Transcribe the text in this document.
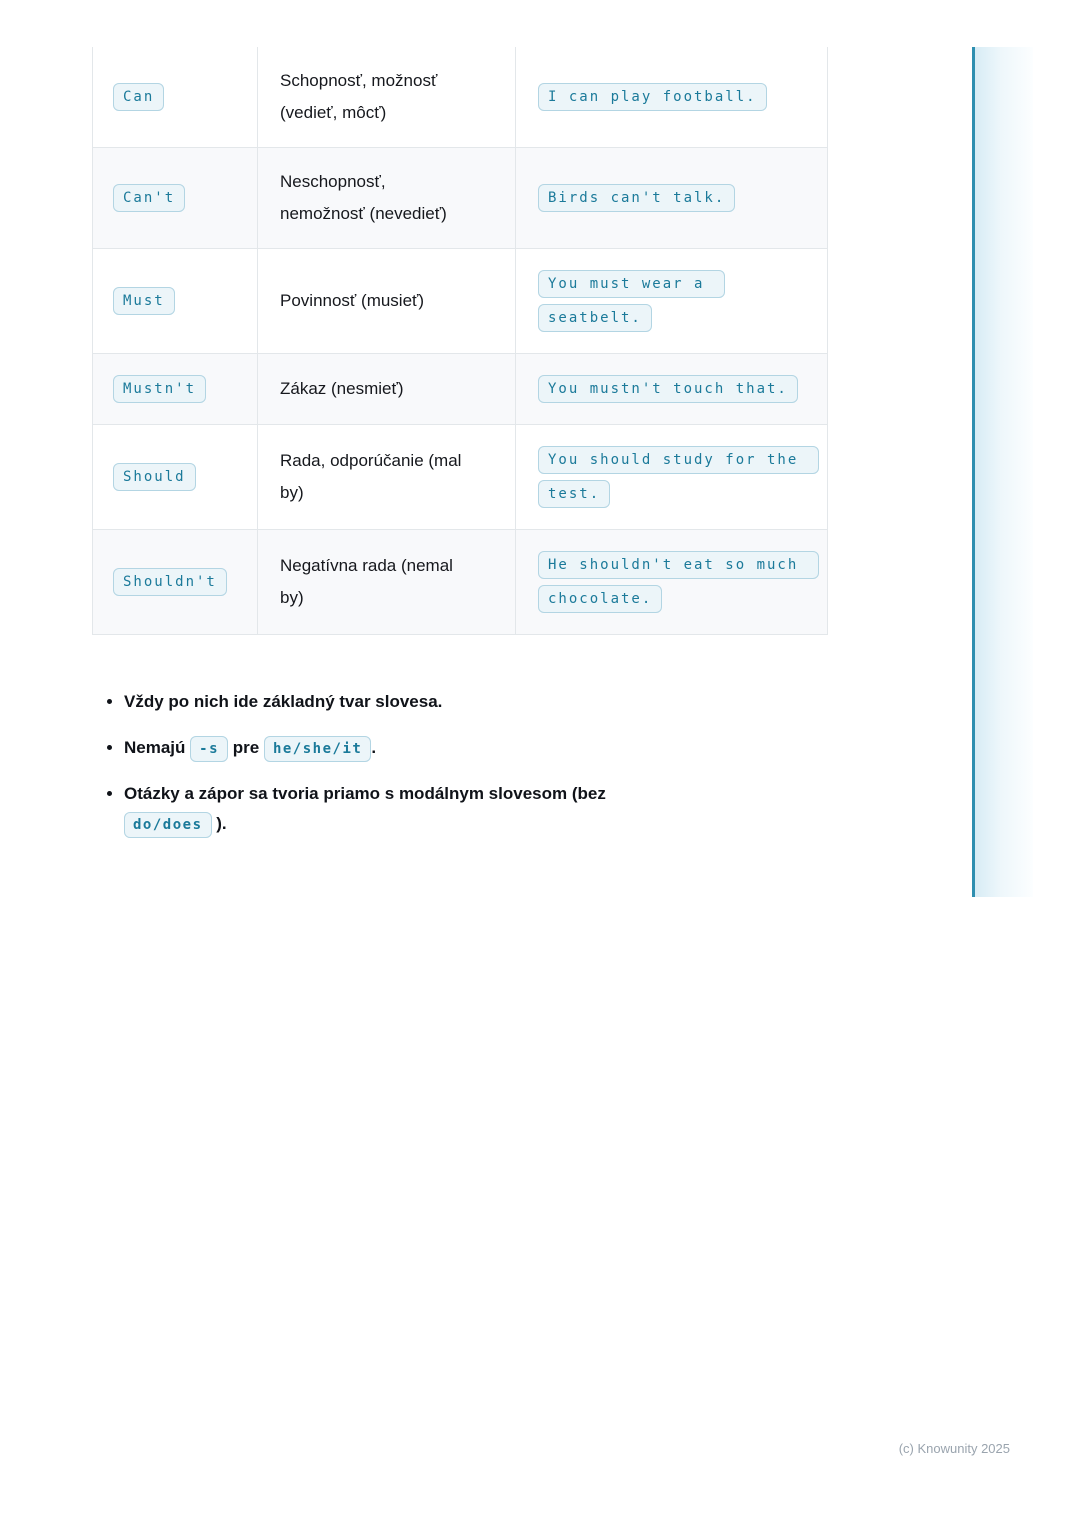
Can	Schopnosť, možnosť (vedieť, môcť)	I can play football.
Can't	Neschopnosť, nemožnosť (nevedieť)	Birds can't talk.
Must	Povinnosť (musieť)	You must wear a seatbelt.
Mustn't	Zákaz (nesmieť)	You mustn't touch that.
Should	Rada, odporúčanie (mal by)	You should study for the test.
Shouldn't	Negatívna rada (nemal by)	He shouldn't eat so much chocolate.
• Vždy po nich ide základný tvar slovesa.
• Nemajú -s pre he/she/it .
• Otázky a zápor sa tvoria priamo s modálnym slovesom (bez
do/does ).
(c) Knowunity 2025
